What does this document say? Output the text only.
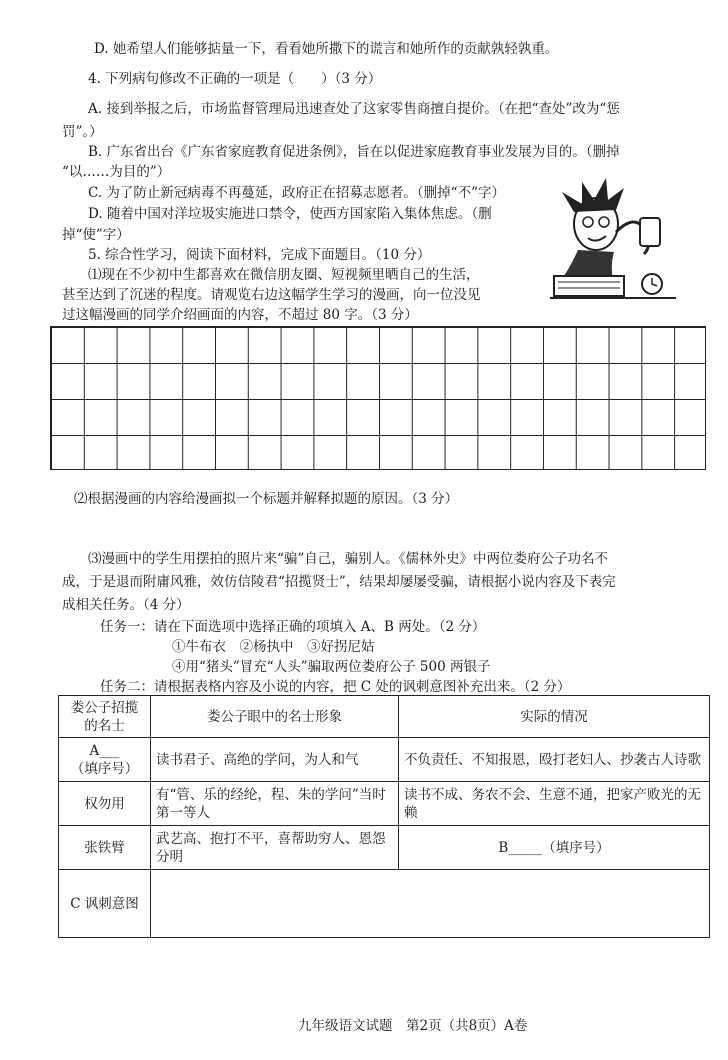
D. 她希望人们能够掂量一下，看看她所撒下的谎言和她所作的贡献孰轻孰重。
4. 下列病句修改不正确的一项是（　　）（3 分）
A. 接到举报之后，市场监督管理局迅速查处了这家零售商擅自提价。（在把“查处”改为“惩
罚”。）
B. 广东省出台《广东省家庭教育促进条例》，旨在以促进家庭教育事业发展为目的。（删掉
“以……为目的”）
C. 为了防止新冠病毒不再蔓延，政府正在招募志愿者。（删掉“不”字）
D. 随着中国对洋垃圾实施进口禁令，使西方国家陷入集体焦虑。（删
掉“使”字）
5. 综合性学习，阅读下面材料，完成下面题目。（10 分）
⑴现在不少初中生都喜欢在微信朋友圈、短视频里晒自己的生活，
甚至达到了沉迷的程度。请观览右边这幅学生学习的漫画，向一位没见
过这幅漫画的同学介绍画面的内容，不超过 80 字。（3 分）
⑵根据漫画的内容给漫画拟一个标题并解释拟题的原因。（3 分）
⑶漫画中的学生用摆拍的照片来“骗”自己，骗别人。《儒林外史》中两位娄府公子功名不
成，于是退而附庸风雅，效仿信陵君“招揽贤士”，结果却屡屡受骗，请根据小说内容及下表完
成相关任务。（4 分）
任务一：请在下面选项中选择正确的项填入 A、B 两处。（2 分）
①牛布衣　②杨执中　③好拐尼姑
④用“猪头”冒充“人头”骗取两位娄府公子 500 两银子
任务二：请根据表格内容及小说的内容，把 C 处的讽刺意图补充出来。（2 分）
娄公子招揽
的名士	娄公子眼中的名士形象	实际的情况

A___
（填序号）	读书君子、高绝的学问，为人和气	不负责任、不知报恩，殴打老妇人、抄袭古人诗歌
权勿用	有“管、乐的经纶，程、朱的学问”当时第一等人	读书不成、务农不会、生意不通，把家产败光的无赖
张铁臂	武艺高、抱打不平，喜帮助穷人、恩怨分明	B_____（填序号）
C 讽刺意图		
九年级语文试题　第2页（共8页）A卷
